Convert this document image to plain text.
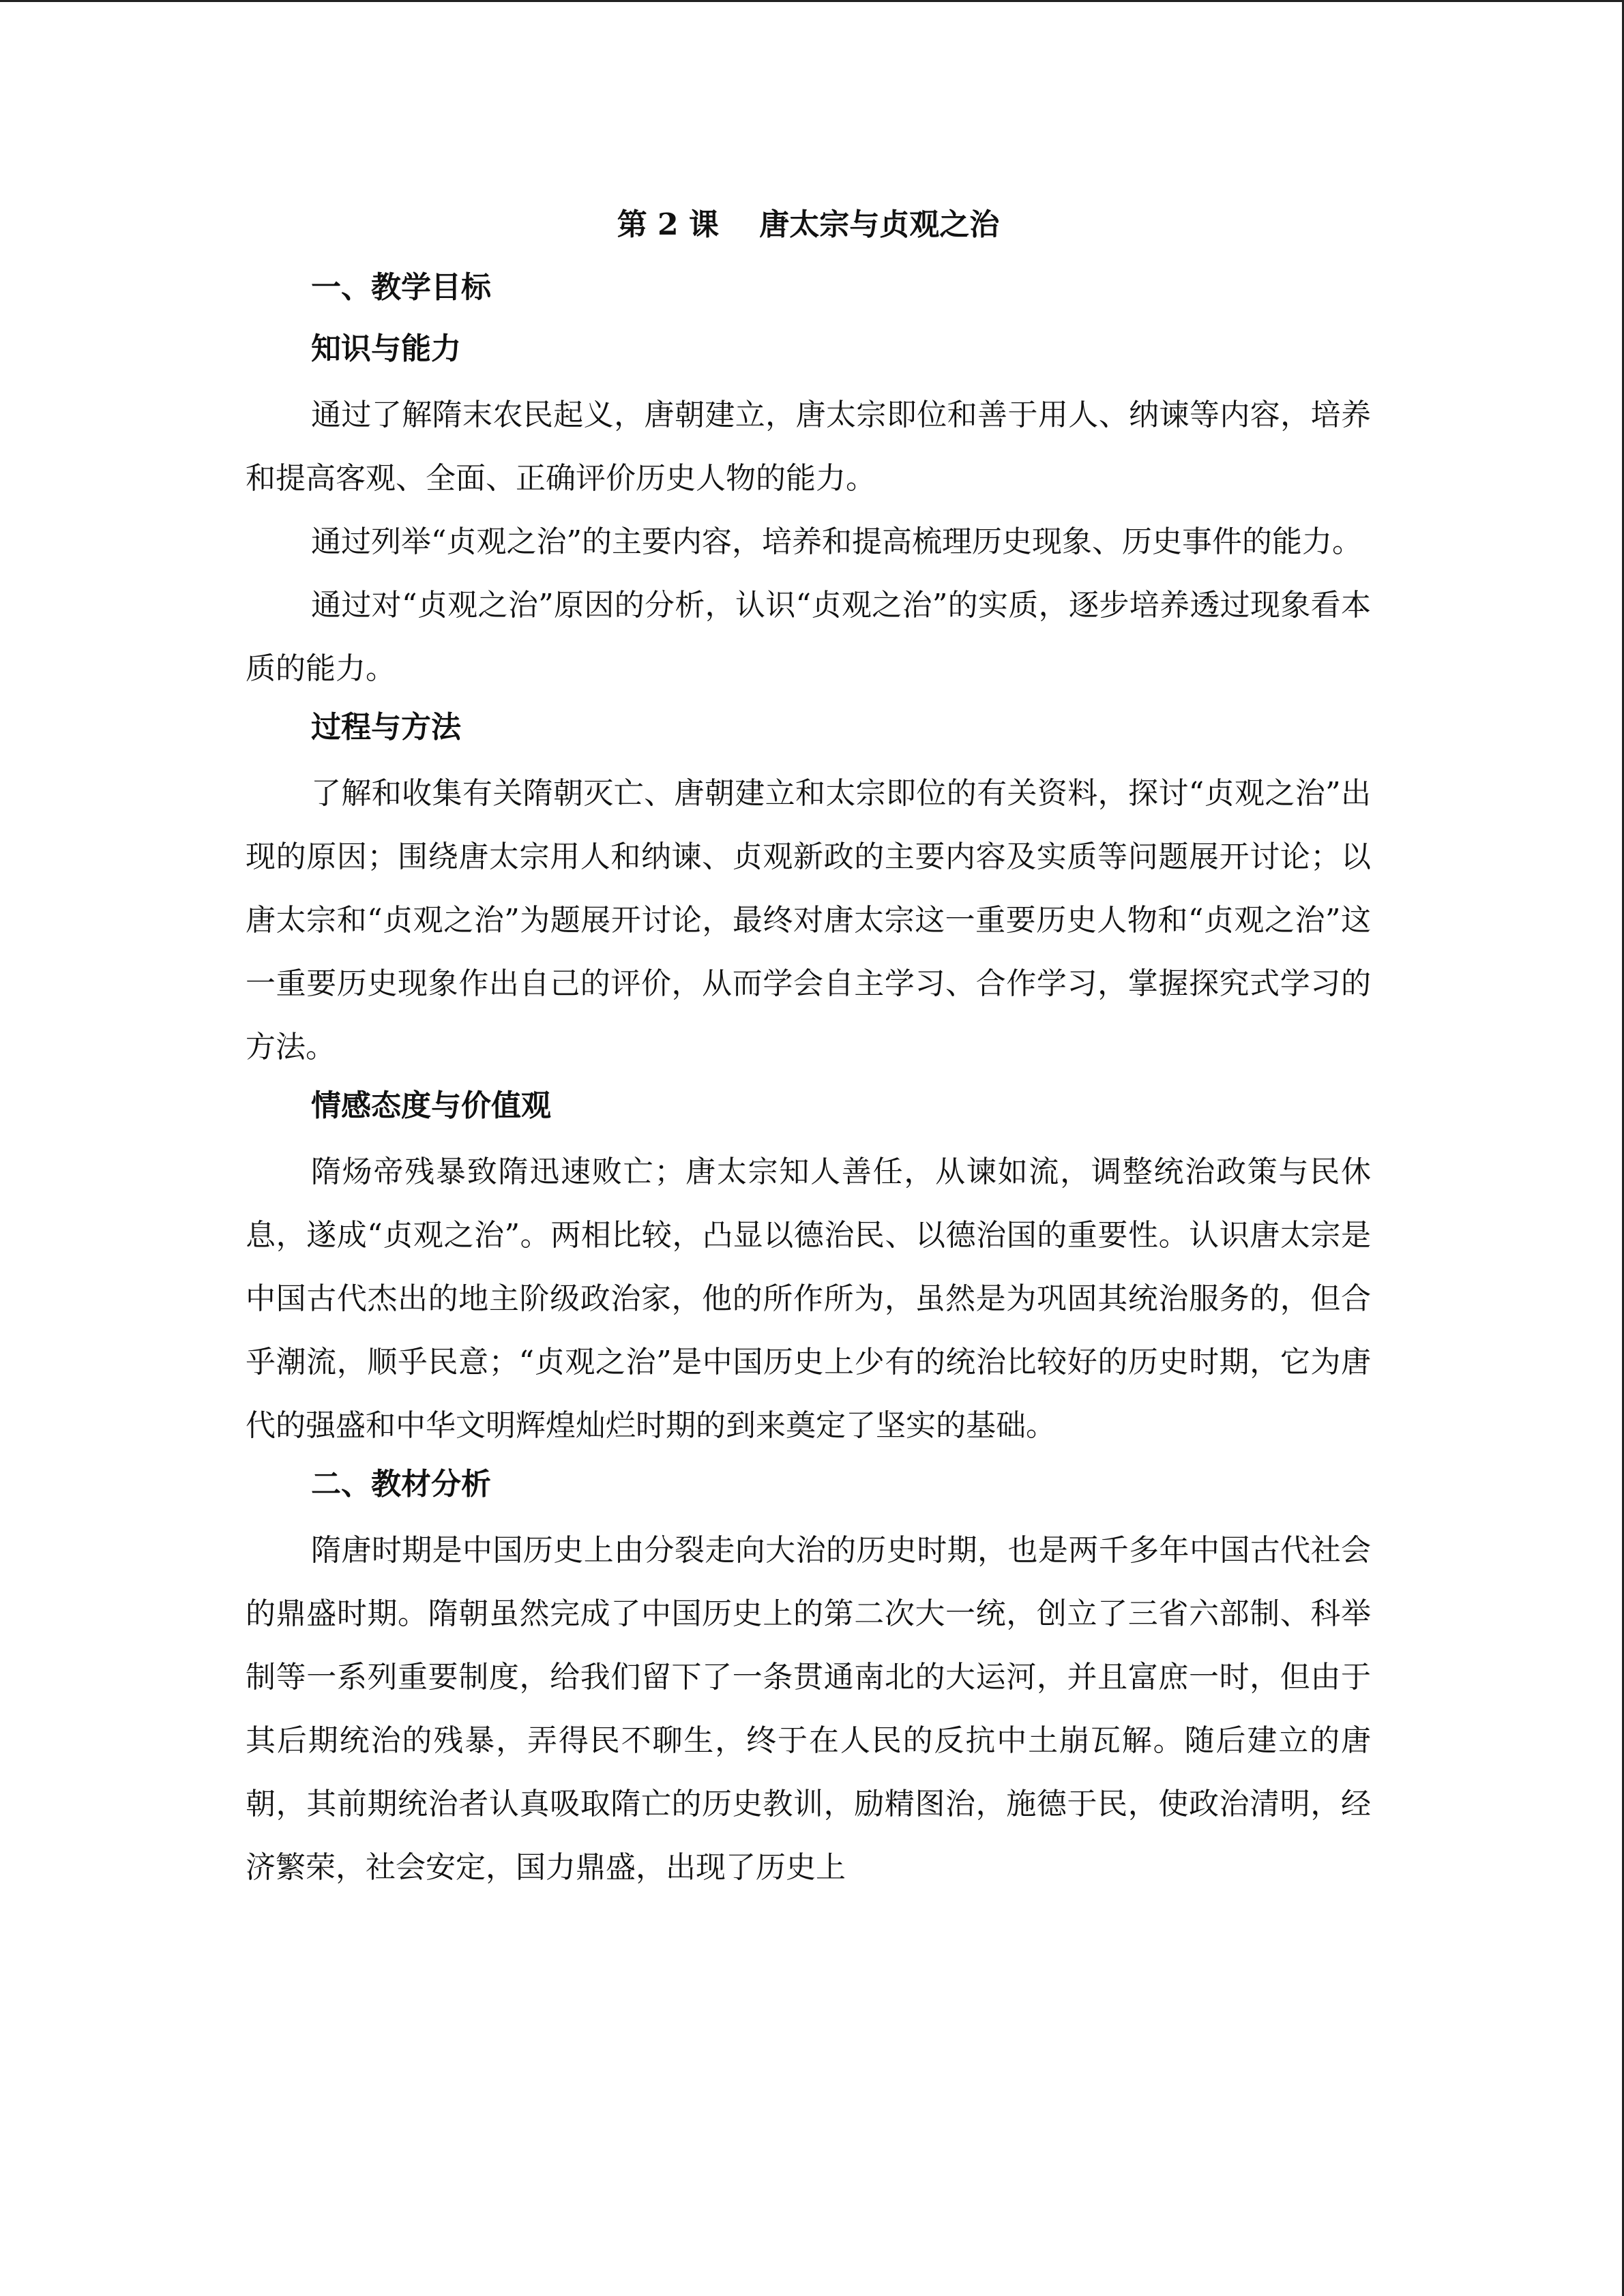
第 2 课　 唐太宗与贞观之治
一、教学目标
知识与能力

通过了解隋末农民起义，唐朝建立，唐太宗即位和善于用人、纳谏等内容，培养和提高客观、全面、正确评价历史人物的能力。

通过列举“贞观之治”的主要内容，培养和提高梳理历史现象、历史事件的能力。

通过对“贞观之治”原因的分析，认识“贞观之治”的实质，逐步培养透过现象看本质的能力。

过程与方法

了解和收集有关隋朝灭亡、唐朝建立和太宗即位的有关资料，探讨“贞观之治”出现的原因；围绕唐太宗用人和纳谏、贞观新政的主要内容及实质等问题展开讨论；以唐太宗和“贞观之治”为题展开讨论，最终对唐太宗这一重要历史人物和“贞观之治”这一重要历史现象作出自己的评价，从而学会自主学习、合作学习，掌握探究式学习的方法。

情感态度与价值观

隋炀帝残暴致隋迅速败亡；唐太宗知人善任，从谏如流，调整统治政策与民休息，遂成“贞观之治”。两相比较，凸显以德治民、以德治国的重要性。认识唐太宗是中国古代杰出的地主阶级政治家，他的所作所为，虽然是为巩固其统治服务的，但合乎潮流，顺乎民意；“贞观之治”是中国历史上少有的统治比较好的历史时期，它为唐代的强盛和中华文明辉煌灿烂时期的到来奠定了坚实的基础。

二、教材分析

隋唐时期是中国历史上由分裂走向大治的历史时期，也是两千多年中国古代社会的鼎盛时期。隋朝虽然完成了中国历史上的第二次大一统，创立了三省六部制、科举制等一系列重要制度，给我们留下了一条贯通南北的大运河，并且富庶一时，但由于其后期统治的残暴，弄得民不聊生，终于在人民的反抗中土崩瓦解。随后建立的唐朝，其前期统治者认真吸取隋亡的历史教训，励精图治，施德于民，使政治清明，经济繁荣，社会安定，国力鼎盛，出现了历史上
